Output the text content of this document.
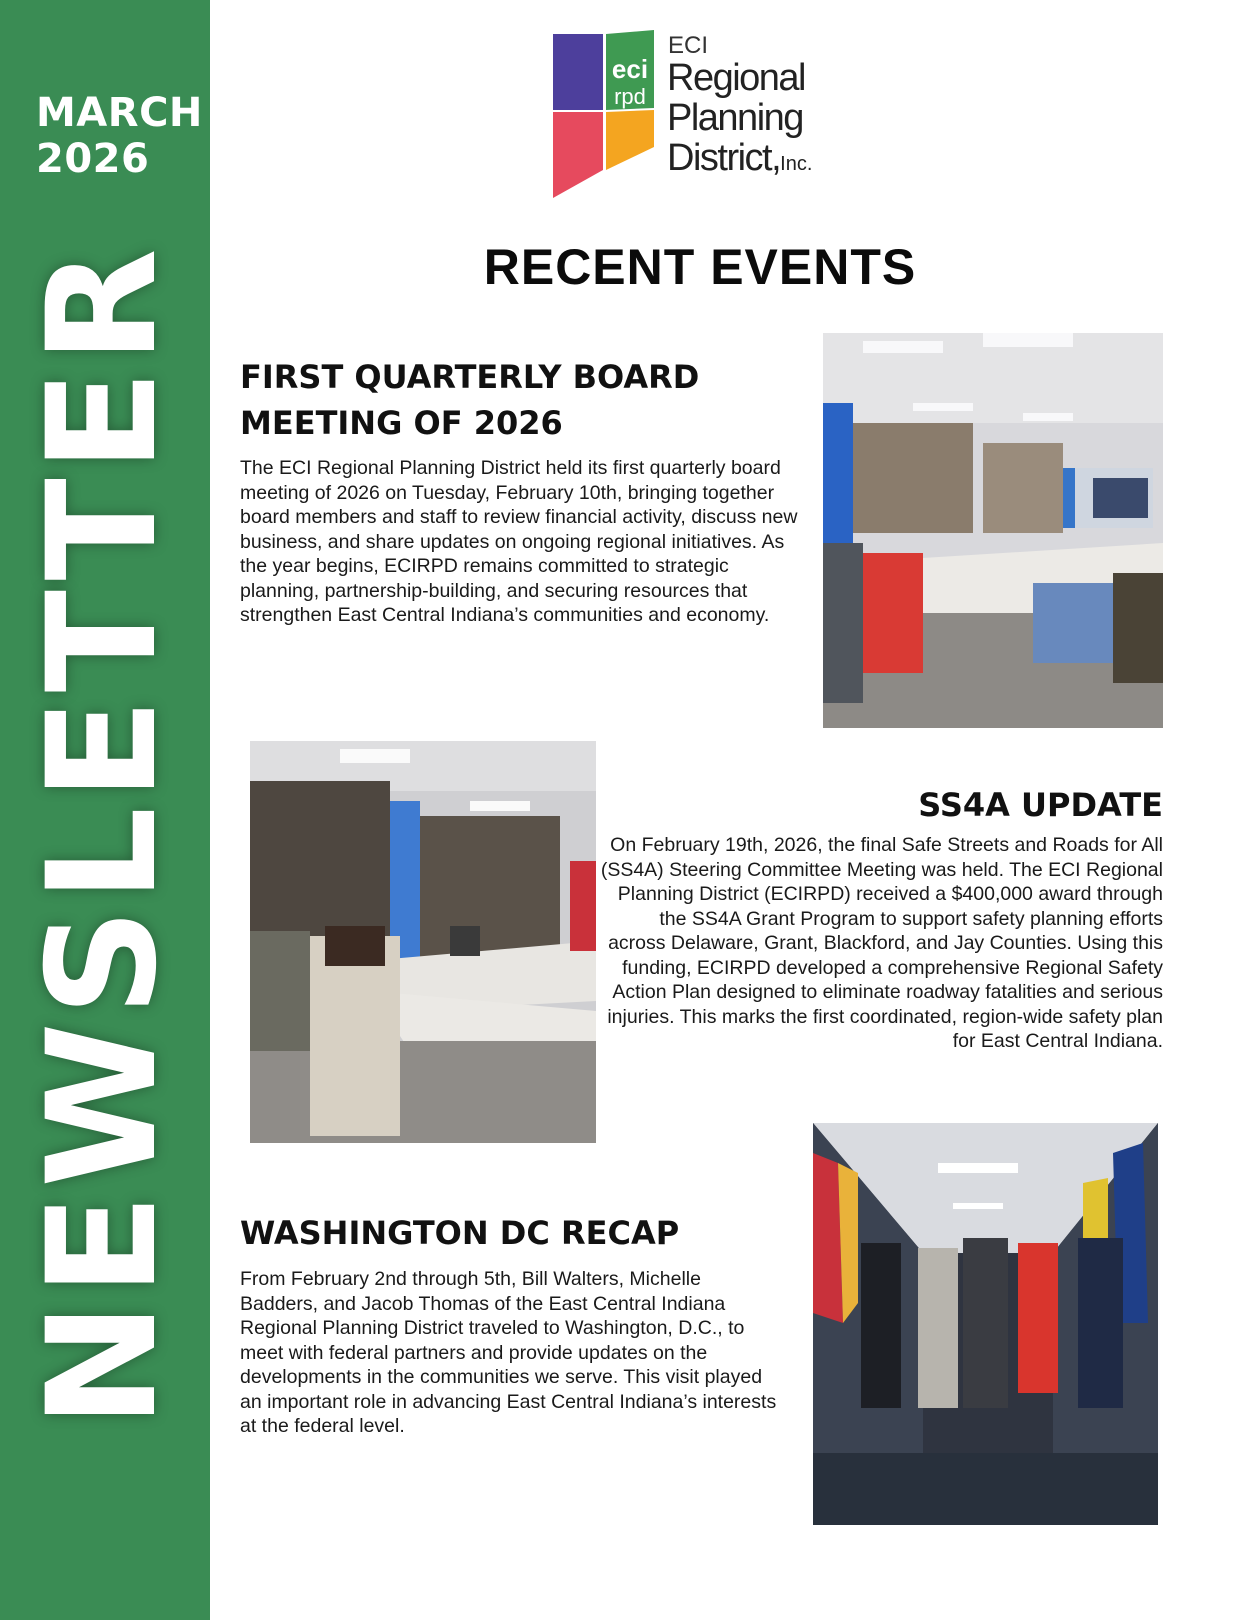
MARCH
2026
NEWSLETTER
eci
rpd
ECI
Regional
Planning
District,Inc.
RECENT EVENTS
FIRST QUARTERLY BOARD
MEETING OF 2026
The ECI Regional Planning District held its first quarterly board meeting of 2026 on Tuesday, February 10th, bringing together board members and staff to review financial activity, discuss new business, and share updates on ongoing regional initiatives. As the year begins, ECIRPD remains committed to strategic planning, partnership-building, and securing resources that strengthen East Central Indiana’s communities and economy.
SS4A UPDATE
On February 19th, 2026, the final Safe Streets and Roads for All (SS4A) Steering Committee Meeting was held. The ECI Regional Planning District (ECIRPD) received a $400,000 award through the SS4A Grant Program to support safety planning efforts across Delaware, Grant, Blackford, and Jay Counties. Using this funding, ECIRPD developed a comprehensive Regional Safety Action Plan designed to eliminate roadway fatalities and serious injuries. This marks the first coordinated, region-wide safety plan for East Central Indiana.
WASHINGTON DC RECAP
From February 2nd through 5th, Bill Walters, Michelle Badders, and Jacob Thomas of the East Central Indiana Regional Planning District traveled to Washington, D.C., to meet with federal partners and provide updates on the developments in the communities we serve. This visit played an important role in advancing East Central Indiana’s interests at the federal level.
